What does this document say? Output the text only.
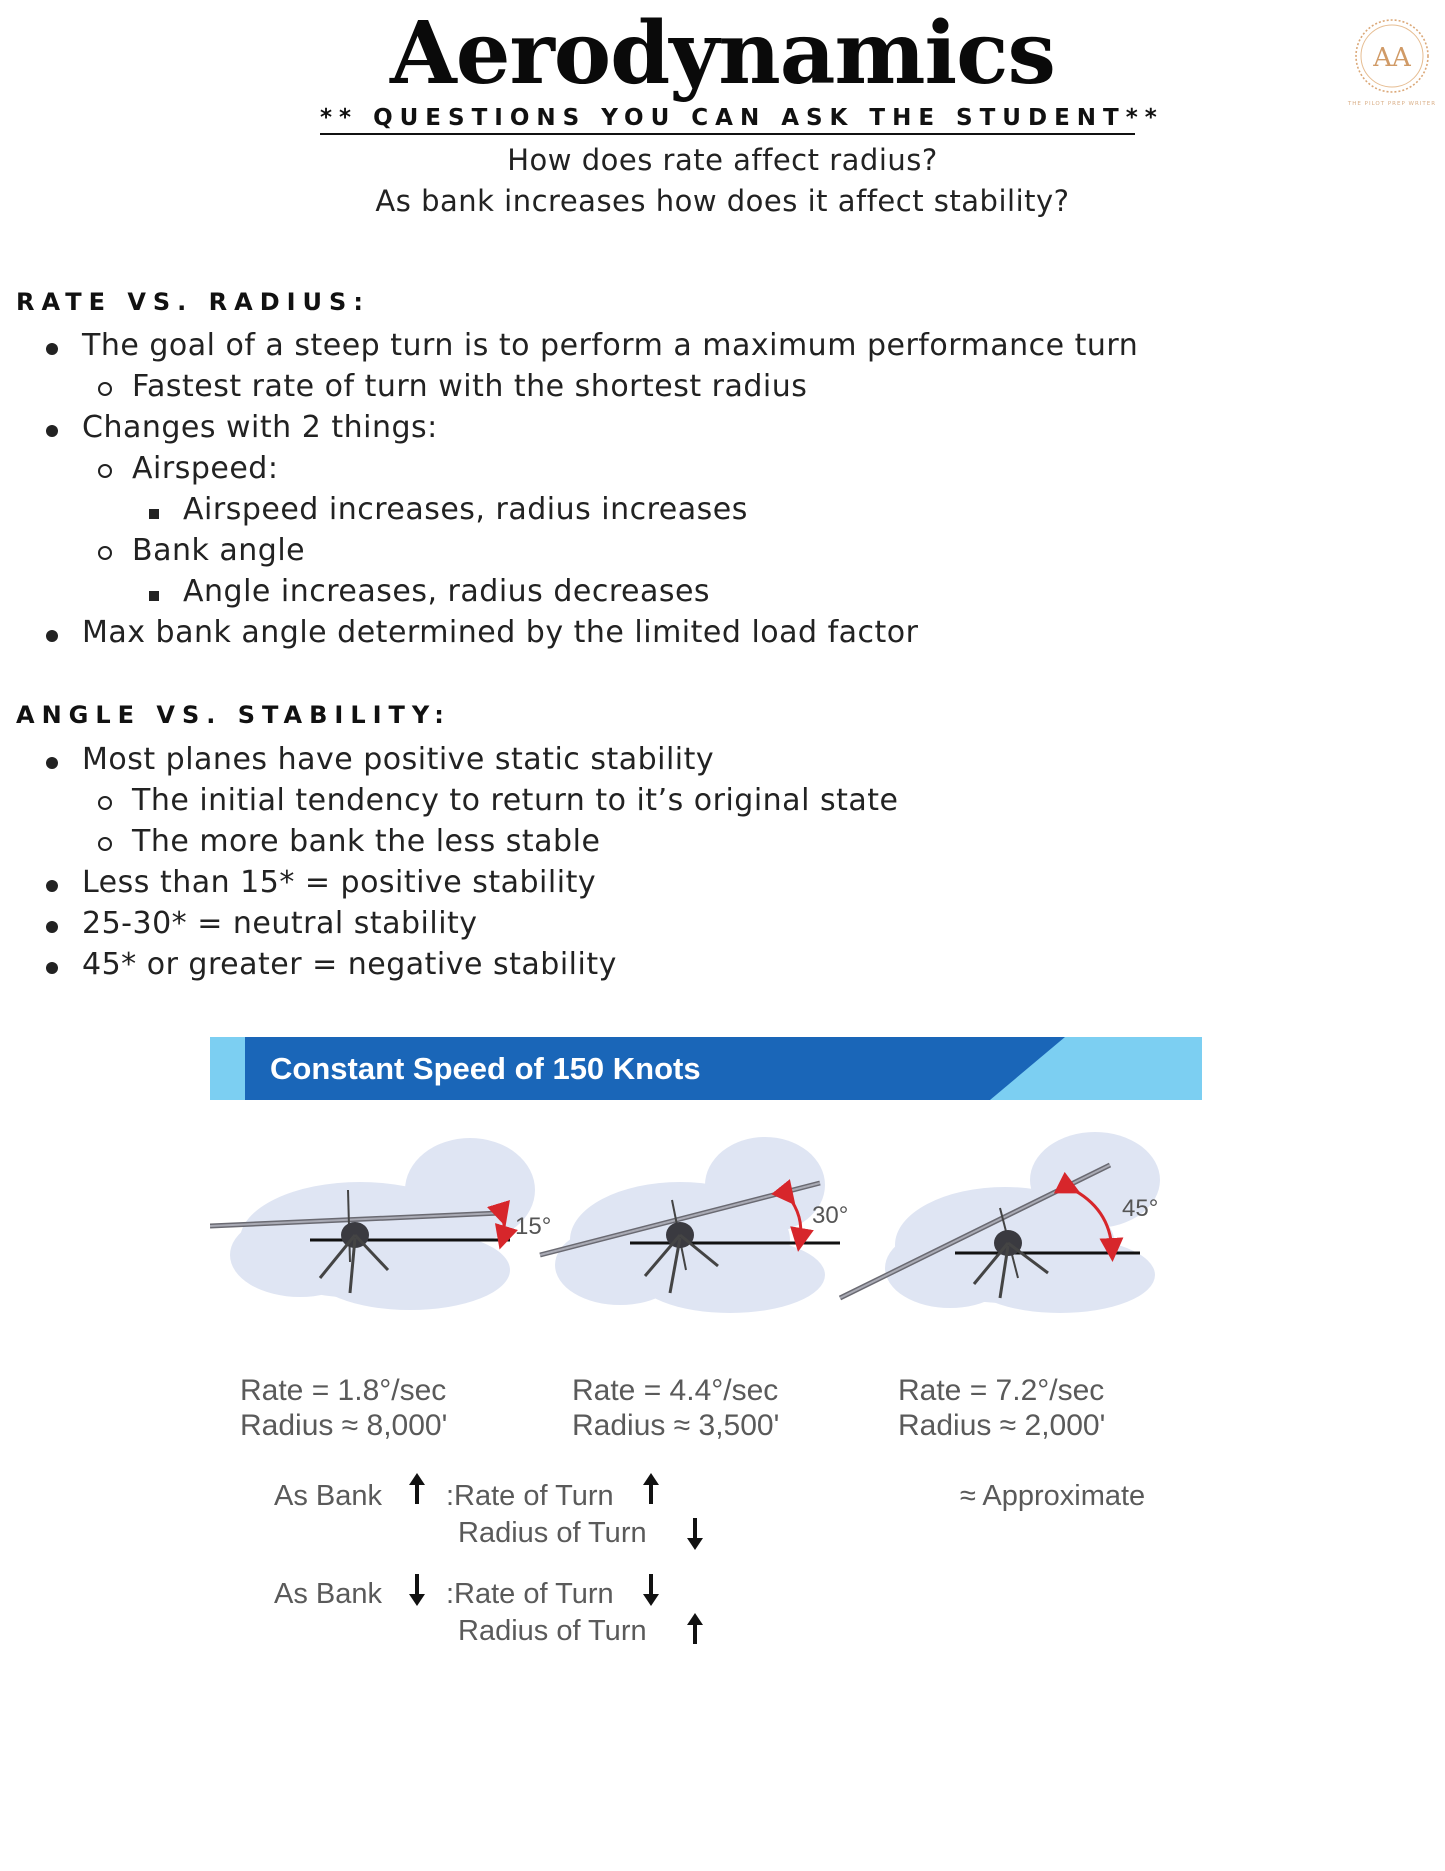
Aerodynamics	AA
THE PILOT PREP WRITER
** QUESTIONS YOU CAN ASK THE STUDENT**
How does rate affect radius?
As bank increases how does it affect stability?
RATE VS. RADIUS:
The goal of a steep turn is to perform a maximum performance turn
Fastest rate of turn with the shortest radius
Changes with 2 things:
Airspeed:
Airspeed increases, radius increases
Bank angle
Angle increases, radius decreases
Max bank angle determined by the limited load factor
ANGLE VS. STABILITY:
Most planes have positive static stability
The initial tendency to return to it’s original state
The more bank the less stable
Less than 15* = positive stability
25-30* = neutral stability
45* or greater = negative stability
Constant Speed of 150 Knots
15°	30°	45°
Rate = 1.8°/sec
Radius ≈ 8,000'
Rate = 4.4°/sec
Radius ≈ 3,500'
Rate = 7.2°/sec
Radius ≈ 2,000'
As Bank :Rate of Turn
Radius of Turn
As Bank :Rate of Turn
Radius of Turn
≈ Approximate
